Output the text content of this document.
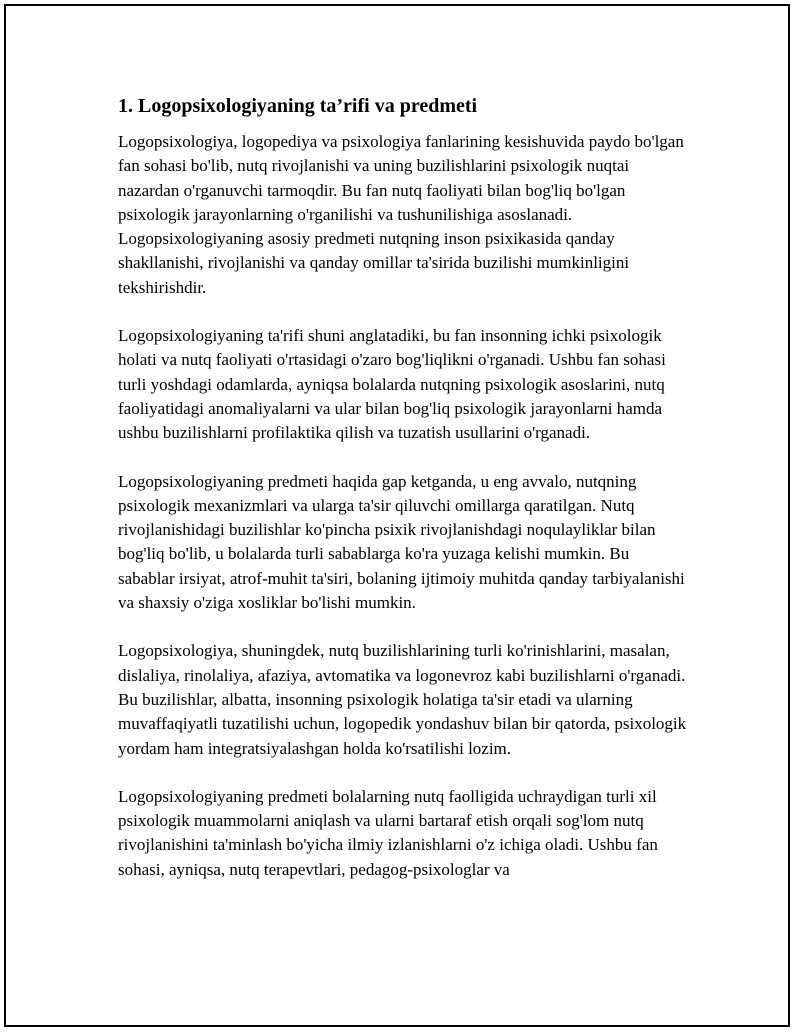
1. Logopsixologiyaning ta’rifi va predmeti

Logopsixologiya, logopediya va psixologiya fanlarining kesishuvida paydo bo'lgan fan sohasi bo'lib, nutq rivojlanishi va uning buzilishlarini psixologik nuqtai nazardan o'rganuvchi tarmoqdir. Bu fan nutq faoliyati bilan bog'liq bo'lgan psixologik jarayonlarning o'rganilishi va tushunilishiga asoslanadi. Logopsixologiyaning asosiy predmeti nutqning inson psixikasida qanday shakllanishi, rivojlanishi va qanday omillar ta'sirida buzilishi mumkinligini tekshirishdir.

Logopsixologiyaning ta'rifi shuni anglatadiki, bu fan insonning ichki psixologik holati va nutq faoliyati o'rtasidagi o'zaro bog'liqlikni o'rganadi. Ushbu fan sohasi turli yoshdagi odamlarda, ayniqsa bolalarda nutqning psixologik asoslarini, nutq faoliyatidagi anomaliyalarni va ular bilan bog'liq psixologik jarayonlarni hamda ushbu buzilishlarni profilaktika qilish va tuzatish usullarini o'rganadi.

Logopsixologiyaning predmeti haqida gap ketganda, u eng avvalo, nutqning psixologik mexanizmlari va ularga ta'sir qiluvchi omillarga qaratilgan. Nutq rivojlanishidagi buzilishlar ko'pincha psixik rivojlanishdagi noqulayliklar bilan bog'liq bo'lib, u bolalarda turli sabablarga ko'ra yuzaga kelishi mumkin. Bu sabablar irsiyat, atrof-muhit ta'siri, bolaning ijtimoiy muhitda qanday tarbiyalanishi va shaxsiy o'ziga xosliklar bo'lishi mumkin.

Logopsixologiya, shuningdek, nutq buzilishlarining turli ko'rinishlarini, masalan, dislaliya, rinolaliya, afaziya, avtomatika va logonevroz kabi buzilishlarni o'rganadi. Bu buzilishlar, albatta, insonning psixologik holatiga ta'sir etadi va ularning muvaffaqiyatli tuzatilishi uchun, logopedik yondashuv bilan bir qatorda, psixologik yordam ham integratsiyalashgan holda ko'rsatilishi lozim.

Logopsixologiyaning predmeti bolalarning nutq faolligida uchraydigan turli xil psixologik muammolarni aniqlash va ularni bartaraf etish orqali sog'lom nutq rivojlanishini ta'minlash bo'yicha ilmiy izlanishlarni o'z ichiga oladi. Ushbu fan sohasi, ayniqsa, nutq terapevtlari, pedagog-psixologlar va
